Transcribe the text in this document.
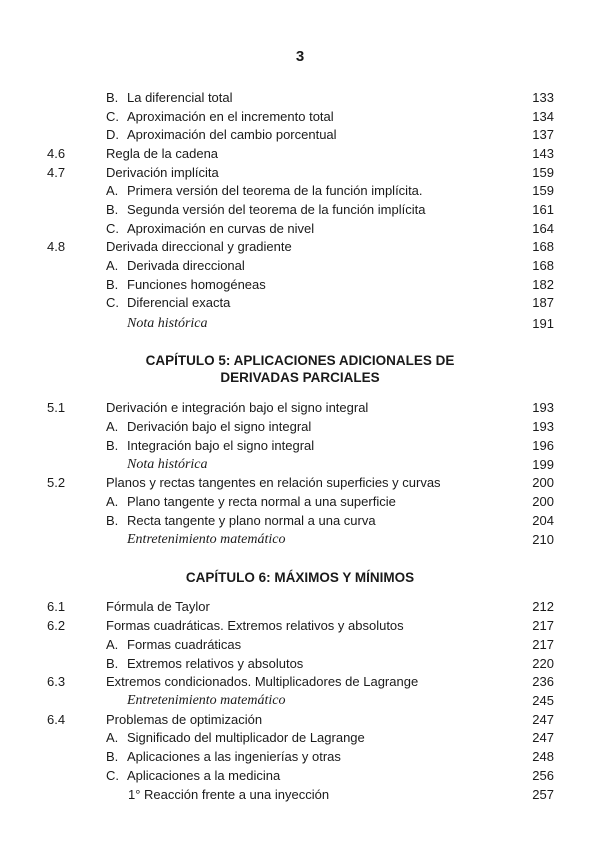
3
B. La diferencial total	133
C. Aproximación en el incremento total	134
D. Aproximación del cambio porcentual	137
4.6	Regla de la cadena	143
4.7	Derivación implícita	159
A. Primera versión del teorema de la función implícita.	159
B. Segunda versión del teorema de la función implícita	161
C. Aproximación en curvas de nivel	164
4.8	Derivada direccional y gradiente	168
A. Derivada direccional	168
B. Funciones homogéneas	182
C. Diferencial exacta	187
Nota histórica	191
5.1	Derivación e integración bajo el signo integral	193
A. Derivación bajo el signo integral	193
B. Integración bajo el signo integral	196
Nota histórica	199
5.2	Planos y rectas tangentes en relación superficies y curvas	200
A. Plano tangente y recta normal a una superficie	200
B. Recta tangente y plano normal a una curva	204
Entretenimiento matemático	210
6.1	Fórmula de Taylor	212
6.2	Formas cuadráticas. Extremos relativos y absolutos	217
A. Formas cuadráticas	217
B. Extremos relativos y absolutos	220
6.3	Extremos condicionados. Multiplicadores de Lagrange	236
Entretenimiento matemático	245
6.4	Problemas de optimización	247
A. Significado del multiplicador de Lagrange	247
B. Aplicaciones a las ingenierías y otras	248
C. Aplicaciones a la medicina	256
1° Reacción frente a una inyección	257
CAPÍTULO 5: APLICACIONES ADICIONALES DE
DERIVADAS PARCIALES
CAPÍTULO 6: MÁXIMOS Y MÍNIMOS
